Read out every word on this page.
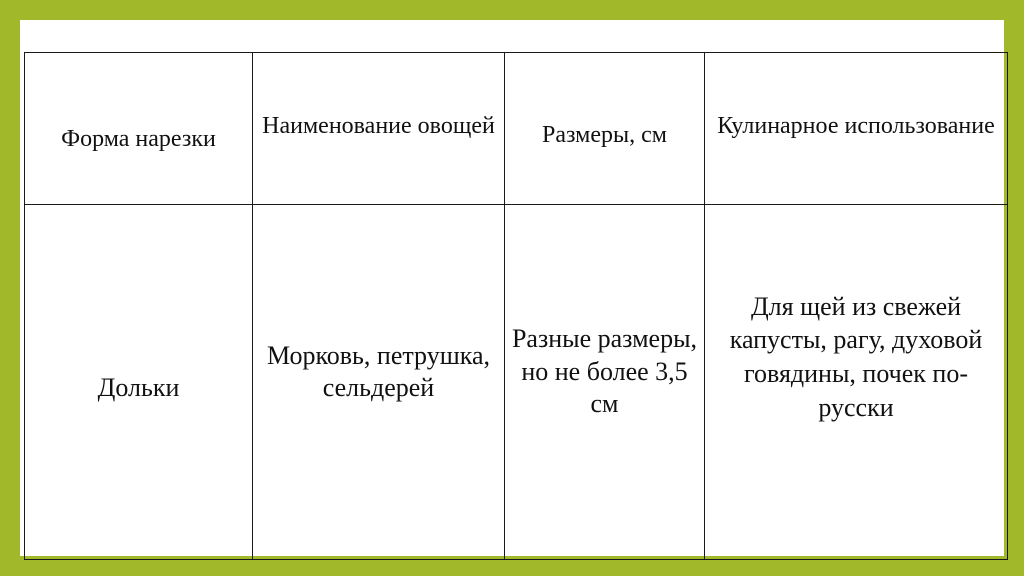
Форма нарезки	Наименование овощей	Размеры, см	Кулинарное использование
Дольки	Морковь, петрушка, сельдерей	Разные размеры, но не более 3,5 см	Для щей из свежей капусты, рагу, духовой говядины, почек по-русски
